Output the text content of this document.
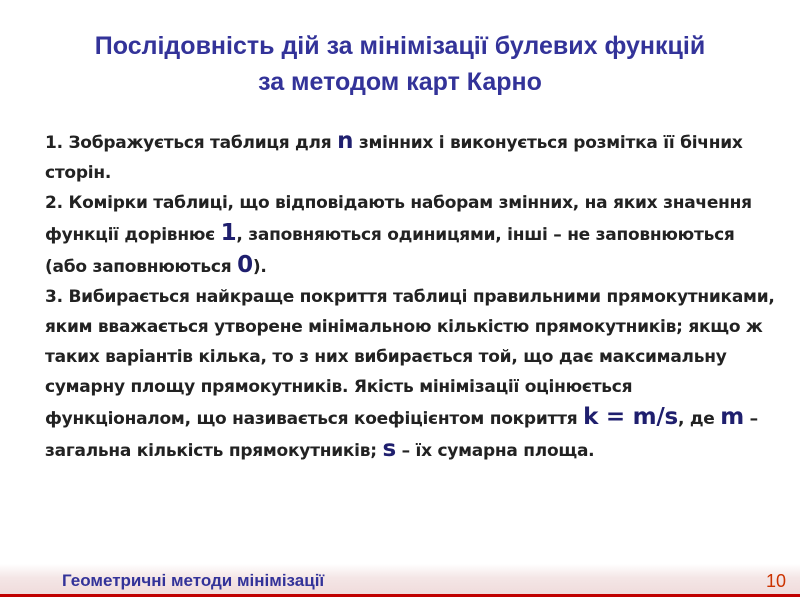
Послідовність дій за мінімізації булевих функцій
за методом карт Карно

1. Зображується таблиця для n змінних і виконується розмітка її бічних сторін.

2. Комірки таблиці, що відповідають наборам змінних, на яких значення функції дорівнює 1, заповняються одиницями, інші – не заповнюються (або заповнюються 0).

3. Вибирається найкраще покриття таблиці правильними прямокутниками, яким вважається утворене мінімальною кількістю прямокутників; якщо ж таких варіантів кілька, то з них вибирається той, що дає максимальну сумарну площу прямокутників. Якість мінімізації оцінюється функціоналом, що називається коефіцієнтом покриття k = m/s, де m – загальна кількість прямокутників; s – їх сумарна площа.

Геометричні методи мінімізації	10
